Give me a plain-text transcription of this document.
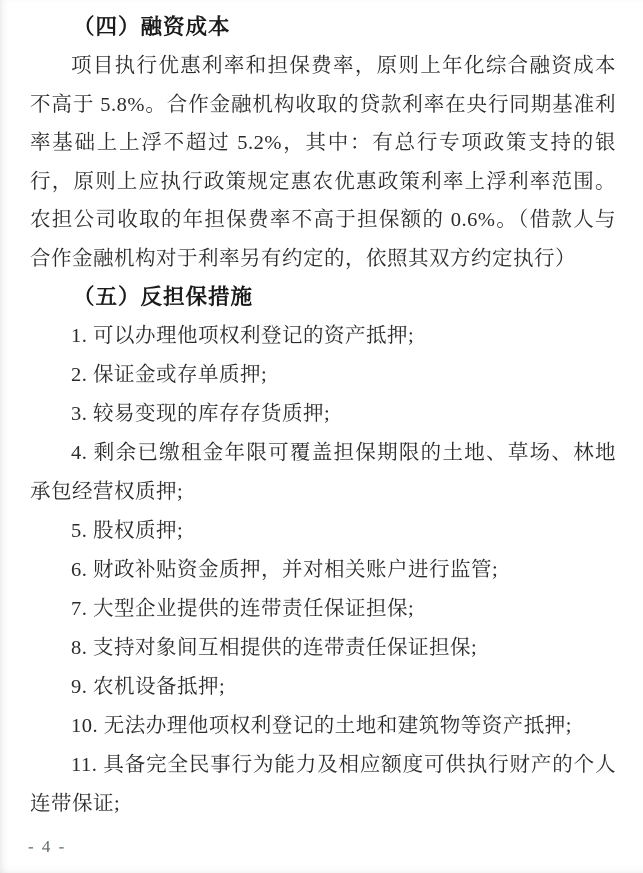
（四）融资成本

项目执行优惠利率和担保费率，原则上年化综合融资成本不高于 5.8%。合作金融机构收取的贷款利率在央行同期基准利率基础上上浮不超过 5.2%，其中：有总行专项政策支持的银行，原则上应执行政策规定惠农优惠政策利率上浮利率范围。农担公司收取的年担保费率不高于担保额的 0.6%。（借款人与合作金融机构对于利率另有约定的，依照其双方约定执行）

（五）反担保措施

1. 可以办理他项权利登记的资产抵押;

2. 保证金或存单质押;

3. 较易变现的库存存货质押;

4. 剩余已缴租金年限可覆盖担保期限的土地、草场、林地承包经营权质押;

5. 股权质押;

6. 财政补贴资金质押，并对相关账户进行监管;

7. 大型企业提供的连带责任保证担保;

8. 支持对象间互相提供的连带责任保证担保;

9. 农机设备抵押;

10. 无法办理他项权利登记的土地和建筑物等资产抵押;

11. 具备完全民事行为能力及相应额度可供执行财产的个人连带保证;

- 4 -
